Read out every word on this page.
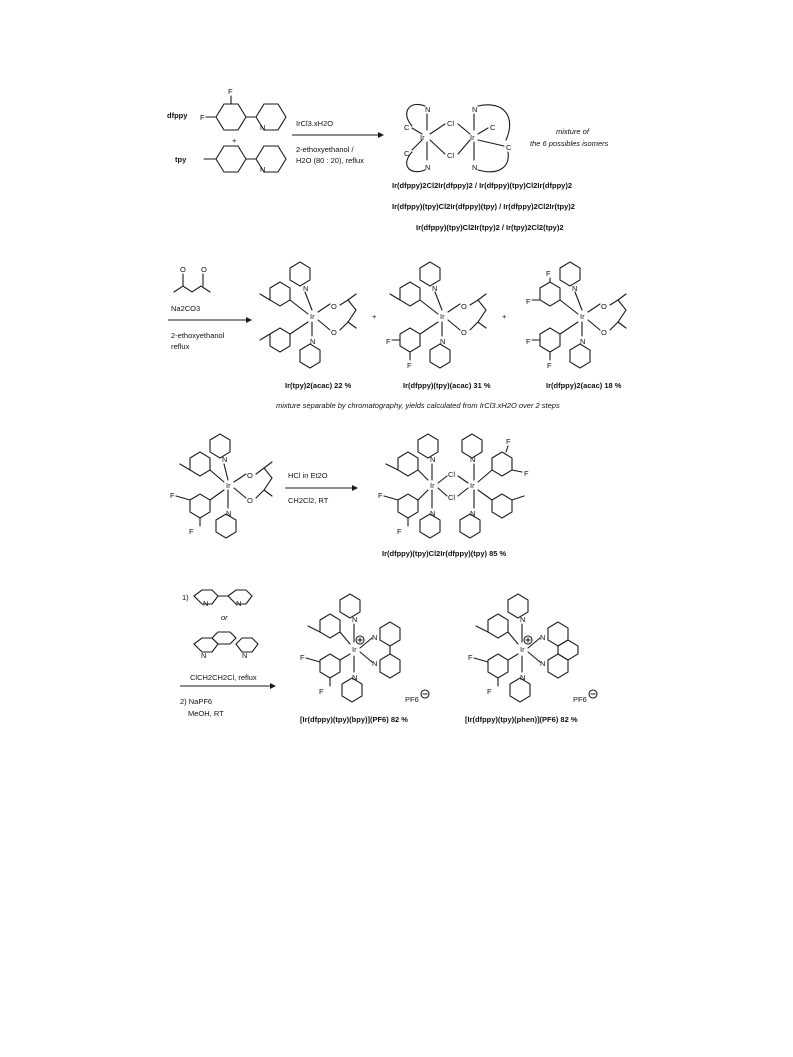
dfppy F
F
N
+
tpy
N
IrCl3.xH2O
2-ethoxyethanol /
H2O (80 : 20), reflux
Ir	Ir
Cl
Cl
N
N
C
C
N
N
C
C
mixture of
the 6 possibles isomers
Ir(dfppy)2Cl2Ir(dfppy)2 / Ir(dfppy)(tpy)Cl2Ir(dfppy)2
Ir(dfppy)(tpy)Cl2Ir(dfppy)(tpy) / Ir(dfppy)2Cl2Ir(tpy)2
Ir(dfppy)(tpy)Cl2Ir(tpy)2 / Ir(tpy)2Cl2(tpy)2
O O
Na2CO3
2-ethoxyethanol
reflux
N
Ir
O
O
N
Ir(tpy)2(acac) 22 %
+
N
Ir
O
O
F
F
N
Ir(dfppy)(tpy)(acac) 31 %
+
N
F
F
Ir
O
O
F
F
N
Ir(dfppy)2(acac) 18 %
mixture separable by chromatography, yields calculated from IrCl3.xH2O over 2 steps
N
Ir
O
O
F
F
N
HCl in Et2O
CH2Cl2, RT
N
Ir	Ir
Cl
Cl
F
F
N
N
F
F
N
Ir(dfppy)(tpy)Cl2Ir(dfppy)(tpy) 85 %
1)
N	N
or
N	N
ClCH2CH2Cl, reflux
2) NaPF6
MeOH, RT
N
Ir
N
N
F
F
N
PF6
[Ir(dfppy)(tpy)(bpy)](PF6) 82 %
N
Ir
N
N
F
F
N
PF6
[Ir(dfppy)(tpy)(phen)](PF6) 82 %
